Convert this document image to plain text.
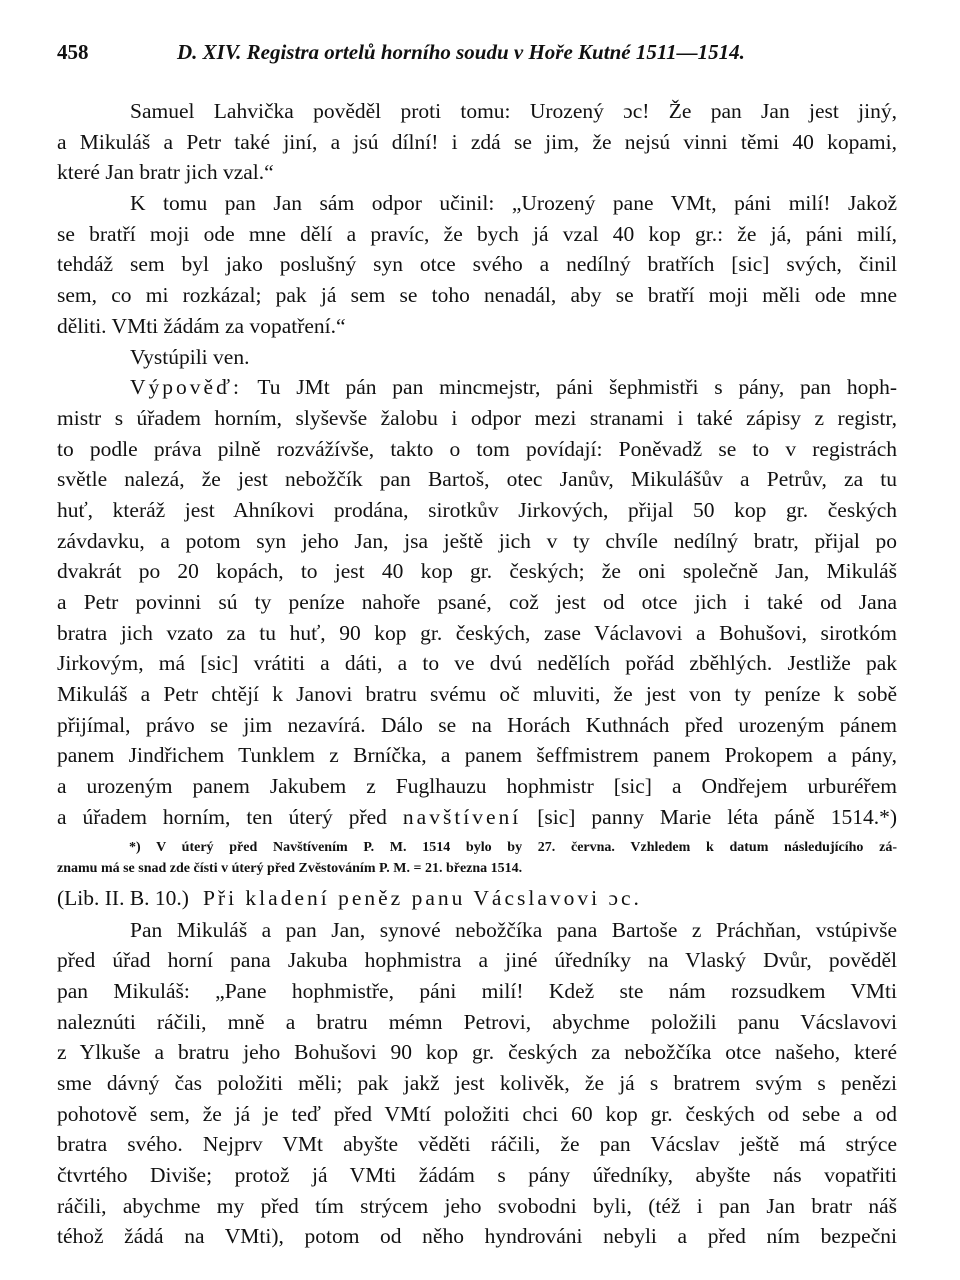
458	D. XIV. Registra ortelů horního soudu v Hoře Kutné 1511—1514.
Samuel Lahvička pověděl proti tomu: Urozený ɔc! Že pan Jan jest jiný,
a Mikuláš a Petr také jiní, a jsú dílní! i zdá se jim, že nejsú vinni těmi 40 kopami,
které Jan bratr jich vzal.“
K tomu pan Jan sám odpor učinil: „Urozený pane VMt, páni milí! Jakož
se bratří moji ode mne dělí a pravíc, že bych já vzal 40 kop gr.: že já, páni milí,
tehdáž sem byl jako poslušný syn otce svého a nedílný bratřích [sic] svých, činil
sem, co mi rozkázal; pak já sem se toho nenadál, aby se bratří moji měli ode mne
děliti. VMti žádám za vopatření.“
Vystúpili ven.
Výpověď: Tu JMt pán pan mincmejstr, páni šephmistři s pány, pan hoph-
mistr s úřadem horním, slyševše žalobu i odpor mezi stranami i také zápisy z registr,
to podle práva pilně rozvážívše, takto o tom povídají: Poněvadž se to v registrách
světle nalezá, že jest nebožčík pan Bartoš, otec Janův, Mikulášův a Petrův, za tu
huť, kteráž jest Ahníkovi prodána, sirotkův Jirkových, přijal 50 kop gr. českých
závdavku, a potom syn jeho Jan, jsa ještě jich v ty chvíle nedílný bratr, přijal po
dvakrát po 20 kopách, to jest 40 kop gr. českých; že oni společně Jan, Mikuláš
a Petr povinni sú ty peníze nahoře psané, což jest od otce jich i také od Jana
bratra jich vzato za tu huť, 90 kop gr. českých, zase Václavovi a Bohušovi, sirotkóm
Jirkovým, má [sic] vrátiti a dáti, a to ve dvú nedělích pořád zběhlých. Jestliže pak
Mikuláš a Petr chtějí k Janovi bratru svému oč mluviti, že jest von ty peníze k sobě
přijímal, právo se jim nezavírá. Dálo se na Horách Kuthnách před urozeným pánem
panem Jindřichem Tunklem z Brníčka, a panem šeffmistrem panem Prokopem a pány,
a urozeným panem Jakubem z Fuglhauzu hophmistr [sic] a Ondřejem urburéřem
a úřadem horním, ten úterý před navštívení [sic] panny Marie léta páně 1514.*)
*) V úterý před Navštívením P. M. 1514 bylo by 27. června. Vzhledem k datum následujícího zá-
znamu má se snad zde čísti v úterý před Zvěstováním P. M. = 21. března 1514.
(Lib. II. B. 10.) Při kladení peněz panu Vácslavovi ɔc.
Pan Mikuláš a pan Jan, synové nebožčíka pana Bartoše z Práchňan, vstúpivše
před úřad horní pana Jakuba hophmistra a jiné úředníky na Vlaský Dvůr, pověděl
pan Mikuláš: „Pane hophmistře, páni milí! Kdež ste nám rozsudkem VMti
naleznúti ráčili, mně a bratru mémn Petrovi, abychme položili panu Vácslavovi
z Ylkuše a bratru jeho Bohušovi 90 kop gr. českých za nebožčíka otce našeho, které
sme dávný čas položiti měli; pak jakž jest kolivěk, že já s bratrem svým s penězi
pohotově sem, že já je teď před VMtí položiti chci 60 kop gr. českých od sebe a od
bratra svého. Nejprv VMt abyšte věděti ráčili, že pan Vácslav ještě má strýce
čtvrtého Diviše; protož já VMti žádám s pány úředníky, abyšte nás vopatřiti
ráčili, abychme my před tím strýcem jeho svobodni byli, (též i pan Jan bratr náš
téhož žádá na VMti), potom od něho hyndrováni nebyli a před ním bezpečni
